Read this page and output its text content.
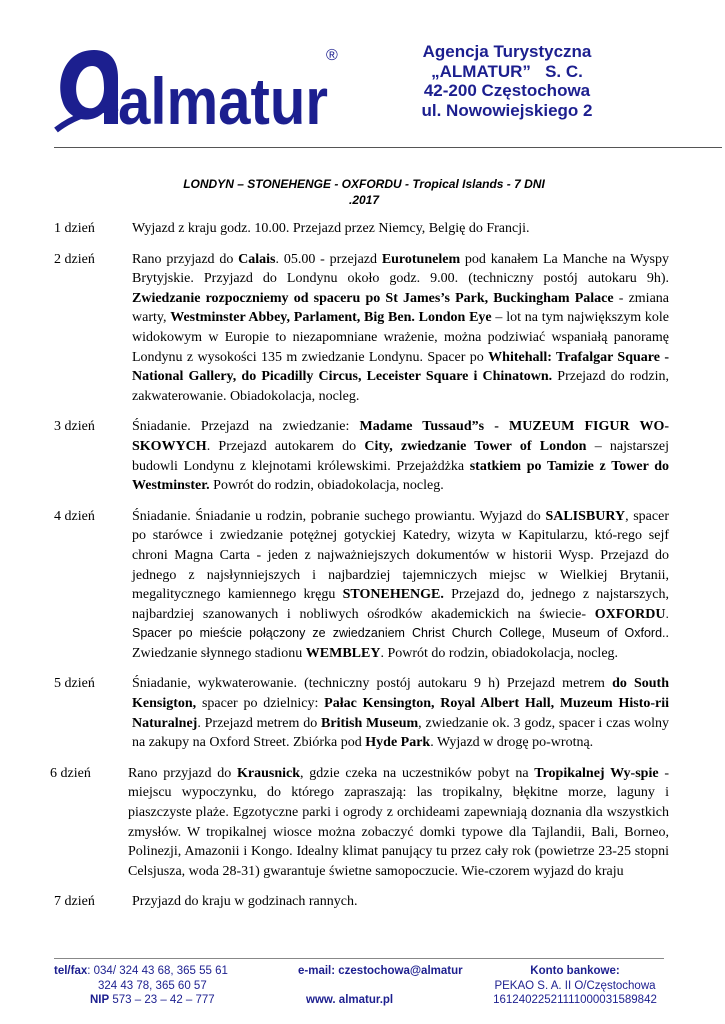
almatur
®	Agencja Turystyczna
„ALMATUR”   S. C.
42-200 Częstochowa
ul. Nowowiejskiego 2
LONDYN – STONEHENGE - OXFORDU - Tropical Islands - 7 DNI
.2017
1 dzień	Wyjazd z kraju godz. 10.00. Przejazd przez Niemcy, Belgię do Francji.
2 dzień	Rano przyjazd do Calais. 05.00 - przejazd Eurotunelem pod kanałem La Manche na Wyspy Brytyjskie. Przyjazd do Londynu około godz. 9.00. (techniczny postój autokaru 9h). Zwiedzanie rozpoczniemy od spaceru po St James’s Park, Buckingham Palace - zmiana warty, Westminster Abbey, Parlament, Big Ben. London Eye – lot na tym największym kole widokowym w Europie to niezapomniane wrażenie, można podziwiać wspaniałą panoramę Londynu z wysokości 135 m zwiedzanie Londynu. Spacer po Whitehall: Trafalgar Square - National Gallery, do Picadilly Circus, Leceister Square i Chinatown. Przejazd do rodzin, zakwaterowanie. Obiadokolacja, nocleg.
3 dzień	Śniadanie. Przejazd na zwiedzanie: Madame Tussaud”s - MUZEUM FIGUR WO-SKOWYCH. Przejazd autokarem do City, zwiedzanie Tower of London – najstarszej budowli Londynu z klejnotami królewskimi. Przejażdżka statkiem po Tamizie z Tower do Westminster. Powrót do rodzin, obiadokolacja, nocleg.
4 dzień	Śniadanie. Śniadanie u rodzin, pobranie suchego prowiantu. Wyjazd do SALISBURY, spacer po starówce i zwiedzanie potężnej gotyckiej Katedry, wizyta w Kapitularzu, któ-rego sejf chroni Magna Carta - jeden z najważniejszych dokumentów w historii Wysp. Przejazd do jednego z najsłynniejszych i najbardziej tajemniczych miejsc w Wielkiej Brytanii, megalitycznego kamiennego kręgu STONEHENGE. Przejazd do, jednego z najstarszych, najbardziej szanowanych i nobliwych ośrodków akademickich na świecie- OXFORDU. Spacer po mieście połączony ze zwiedzaniem Christ Church College, Museum of Oxford.. Zwiedzanie słynnego stadionu WEMBLEY. Powrót do rodzin, obiadokolacja, nocleg.
5 dzień	Śniadanie, wykwaterowanie. (techniczny postój autokaru 9 h) Przejazd metrem do South Kensigton, spacer po dzielnicy: Pałac Kensington, Royal Albert Hall, Muzeum Histo-rii Naturalnej. Przejazd metrem do British Museum, zwiedzanie ok. 3 godz, spacer i czas wolny na zakupy na Oxford Street. Zbiórka pod Hyde Park. Wyjazd w drogę po-wrotną.
6 dzień	Rano przyjazd do Krausnick, gdzie czeka na uczestników pobyt na Tropikalnej Wy-spie - miejscu wypoczynku, do którego zapraszają: las tropikalny, błękitne morze, laguny i piaszczyste plaże. Egzotyczne parki i ogrody z orchideami zapewniają doznania dla wszystkich zmysłów. W tropikalnej wiosce można zobaczyć domki typowe dla Tajlandii, Bali, Borneo, Polinezji, Amazonii i Kongo. Idealny klimat panujący tu przez cały rok (powietrze 23-25 stopni Celsjusza, woda 28-31) gwarantuje świetne samopoczucie. Wie-czorem wyjazd do kraju
7 dzień	Przyjazd do kraju w godzinach rannych.
tel/fax: 034/ 324 43 68, 365 55 61
324 43 78, 365 60 57
NIP 573 – 23 – 42 – 777
e-mail: czestochowa@almatur

www. almatur.pl
Konto bankowe:
PEKAO S. A. II O/Częstochowa
16124022521111000031589842
